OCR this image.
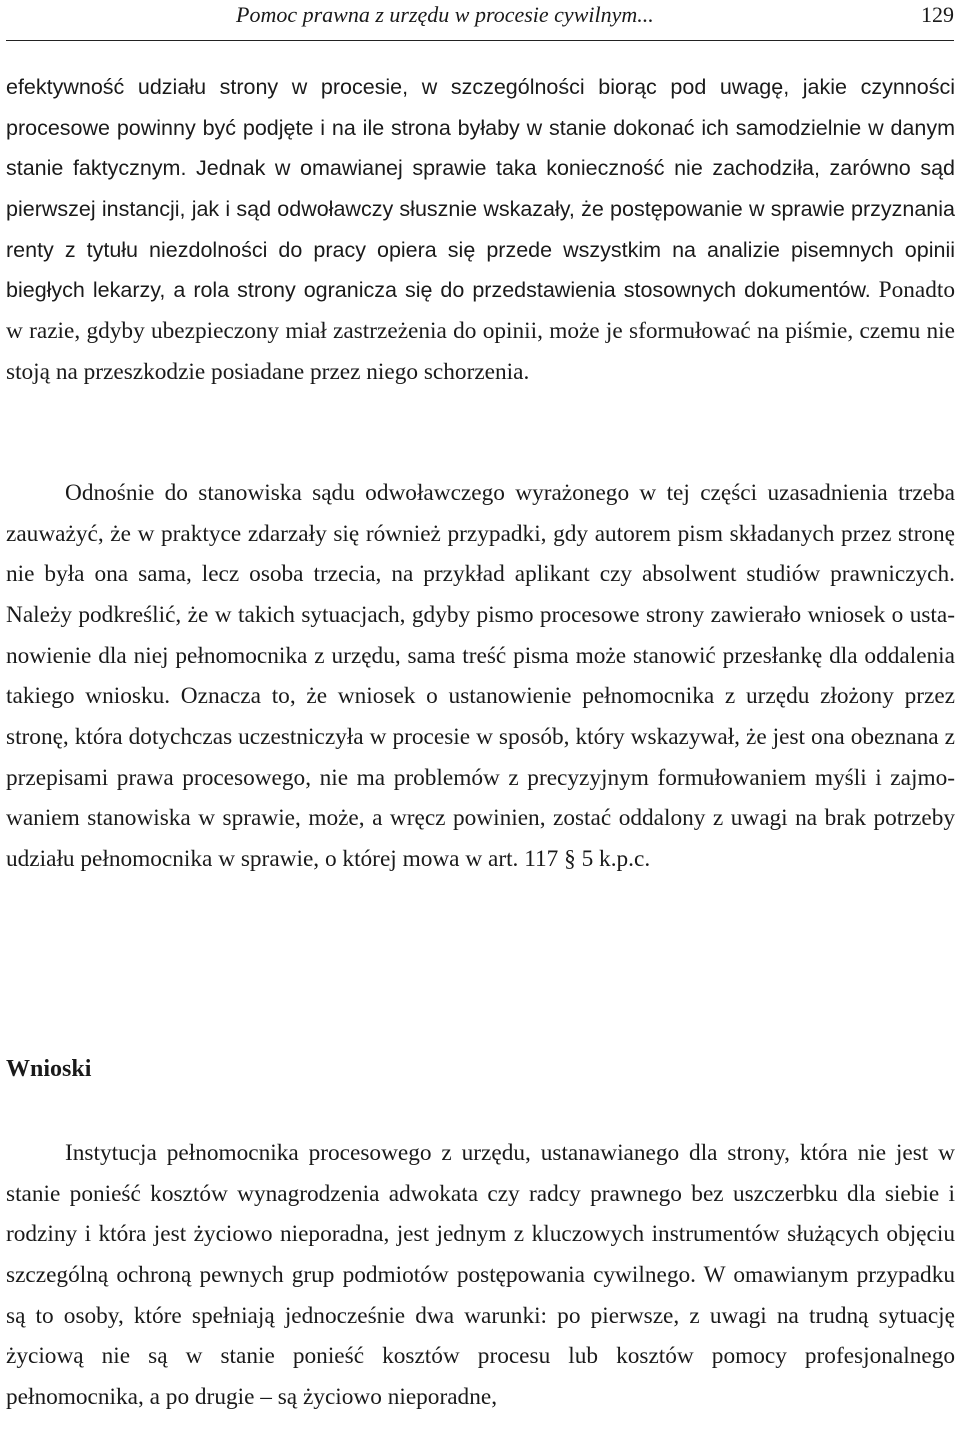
Pomoc prawna z urzędu w procesie cywilnym...	129

efektywność udziału strony w procesie, w szczególności biorąc pod uwagę, jakie czynności procesowe powinny być podjęte i na ile strona byłaby w stanie dokonać ich samodzielnie w danym stanie faktycznym. Jednak w omawianej sprawie taka konieczność nie zachodziła, zarówno sąd pierwszej instancji, jak i sąd odwoławczy słusznie wskazały, że postępowanie w sprawie przyznania renty z tytułu niezdolności do pracy opiera się przede wszystkim na analizie pisemnych opinii biegłych lekarzy, a rola strony ogranicza się do przedstawienia stosownych dokumentów. Ponadto w razie, gdyby ubezpieczony miał zastrzeżenia do opinii, może je sformułować na piśmie, czemu nie stoją na przeszkodzie posiadane przez niego schorzenia.

Odnośnie do stanowiska sądu odwoławczego wyrażonego w tej części uzasadnienia trzeba zauważyć, że w praktyce zdarzały się również przypadki, gdy autorem pism składanych przez stronę nie była ona sama, lecz osoba trzecia, na przykład aplikant czy absolwent studiów prawniczych. Należy podkreślić, że w takich sytuacjach, gdyby pismo procesowe strony zawierało wniosek o ustanowienie dla niej pełnomocnika z urzędu, sama treść pisma może stanowić przesłankę dla oddalenia takiego wniosku. Oznacza to, że wniosek o ustanowienie pełnomocnika z urzędu złożony przez stronę, która dotychczas uczestniczyła w procesie w sposób, który wskazywał, że jest ona obeznana z przepisami prawa procesowego, nie ma problemów z precyzyjnym formułowaniem myśli i zajmowaniem stanowiska w sprawie, może, a wręcz powinien, zostać oddalony z uwagi na brak potrzeby udziału pełnomocnika w sprawie, o której mowa w art. 117 § 5 k.p.c.

Wnioski

Instytucja pełnomocnika procesowego z urzędu, ustanawianego dla strony, która nie jest w stanie ponieść kosztów wynagrodzenia adwokata czy radcy prawnego bez uszczerbku dla siebie i rodziny i która jest życiowo nieporadna, jest jednym z kluczowych instrumentów służących objęciu szczególną ochroną pewnych grup podmiotów postępowania cywilnego. W omawianym przypadku są to osoby, które spełniają jednocześnie dwa warunki: po pierwsze, z uwagi na trudną sytuację życiową nie są w stanie ponieść kosztów procesu lub kosztów pomocy profesjonalnego pełnomocnika, a po drugie – są życiowo nieporadne,
